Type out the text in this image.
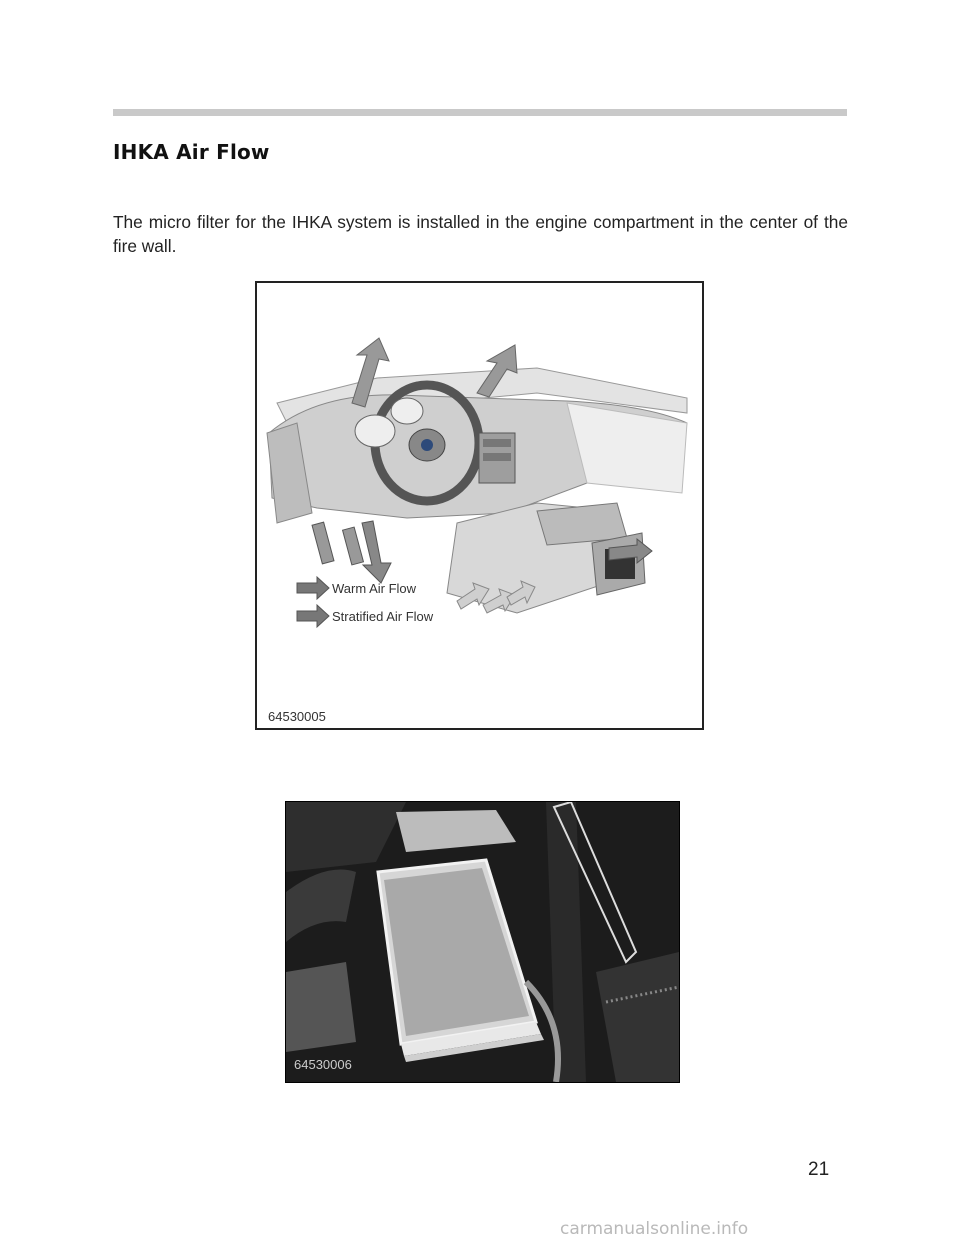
IHKA Air Flow
The micro filter for the IHKA system is installed in the engine compartment in the center of the fire wall.
Warm Air Flow
Stratified Air Flow
64530005
64530006
21
carmanualsonline.info
